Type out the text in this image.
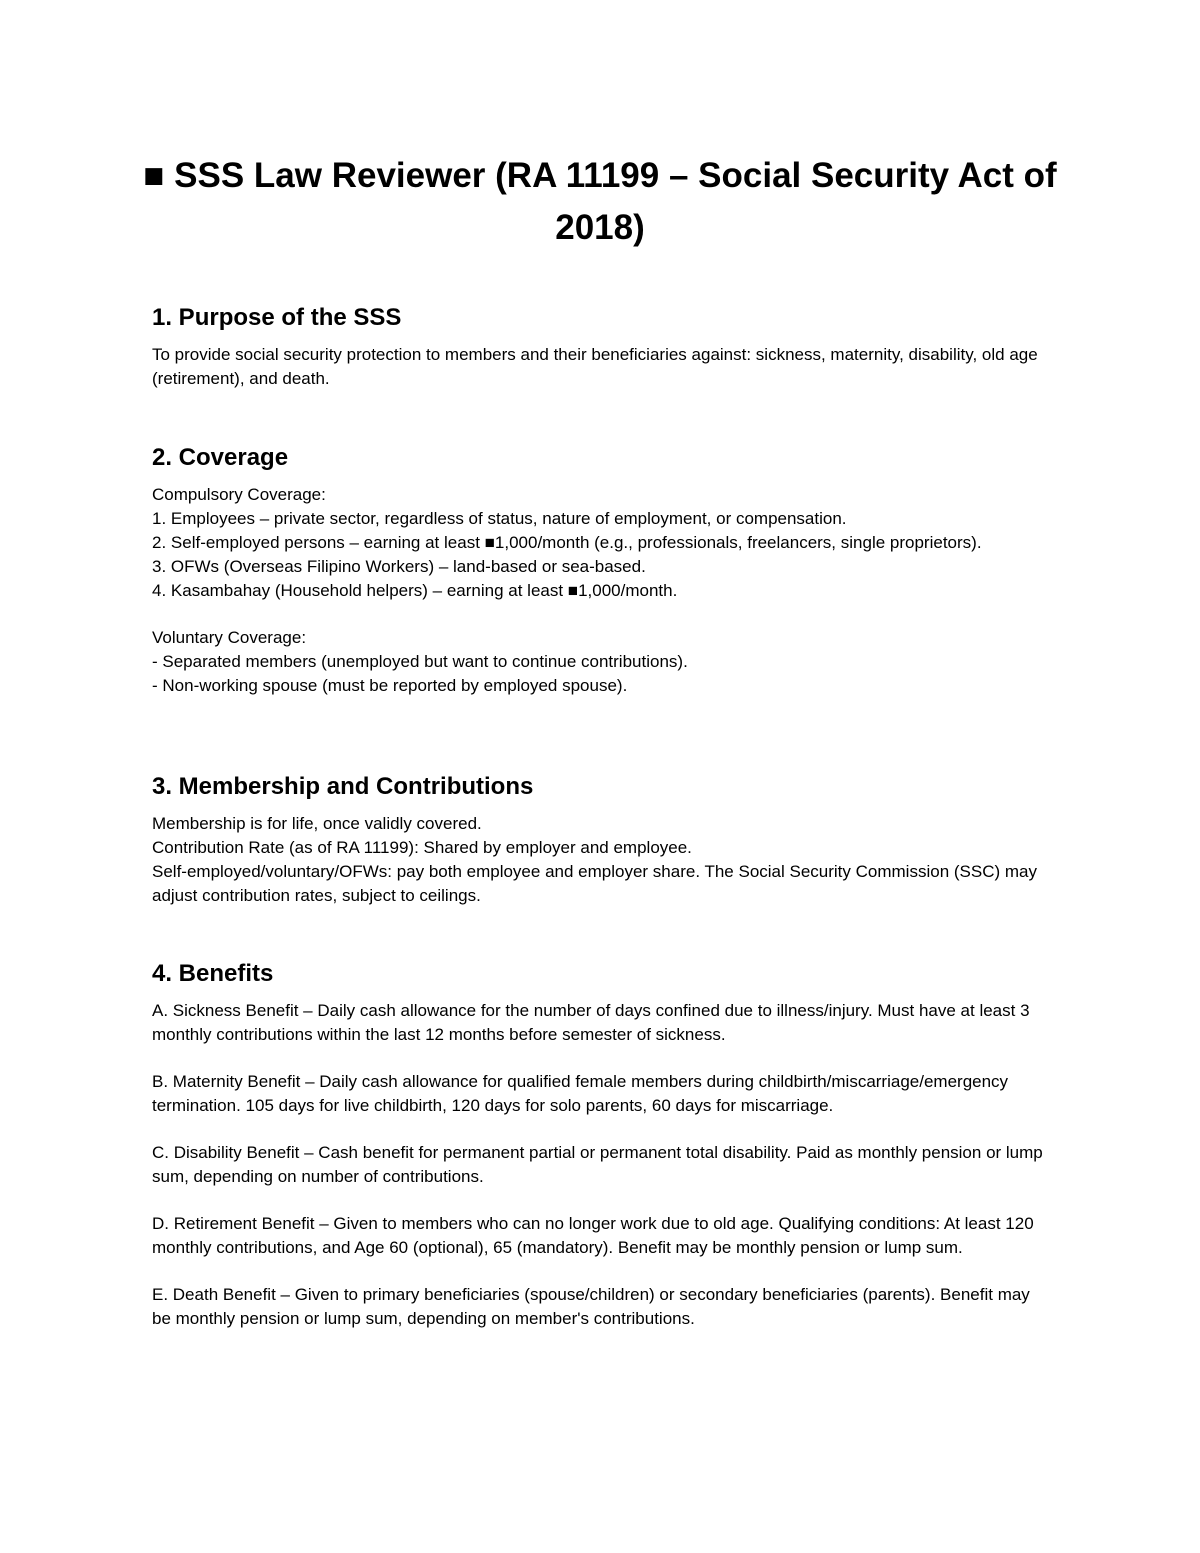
■ SSS Law Reviewer (RA 11199 – Social Security Act of 2018)
1. Purpose of the SSS

To provide social security protection to members and their beneficiaries against: sickness, maternity, disability, old age (retirement), and death.

2. Coverage

Compulsory Coverage:

1. Employees – private sector, regardless of status, nature of employment, or compensation.

2. Self-employed persons – earning at least ■1,000/month (e.g., professionals, freelancers, single proprietors).

3. OFWs (Overseas Filipino Workers) – land-based or sea-based.

4. Kasambahay (Household helpers) – earning at least ■1,000/month.

Voluntary Coverage:

- Separated members (unemployed but want to continue contributions).

- Non-working spouse (must be reported by employed spouse).

3. Membership and Contributions

Membership is for life, once validly covered.

Contribution Rate (as of RA 11199): Shared by employer and employee.

Self-employed/voluntary/OFWs: pay both employee and employer share. The Social Security Commission (SSC) may adjust contribution rates, subject to ceilings.

4. Benefits

A. Sickness Benefit – Daily cash allowance for the number of days confined due to illness/injury. Must have at least 3 monthly contributions within the last 12 months before semester of sickness.

B. Maternity Benefit – Daily cash allowance for qualified female members during childbirth/miscarriage/emergency termination. 105 days for live childbirth, 120 days for solo parents, 60 days for miscarriage.

C. Disability Benefit – Cash benefit for permanent partial or permanent total disability. Paid as monthly pension or lump sum, depending on number of contributions.

D. Retirement Benefit – Given to members who can no longer work due to old age. Qualifying conditions: At least 120 monthly contributions, and Age 60 (optional), 65 (mandatory). Benefit may be monthly pension or lump sum.

E. Death Benefit – Given to primary beneficiaries (spouse/children) or secondary beneficiaries (parents). Benefit may be monthly pension or lump sum, depending on member's contributions.
